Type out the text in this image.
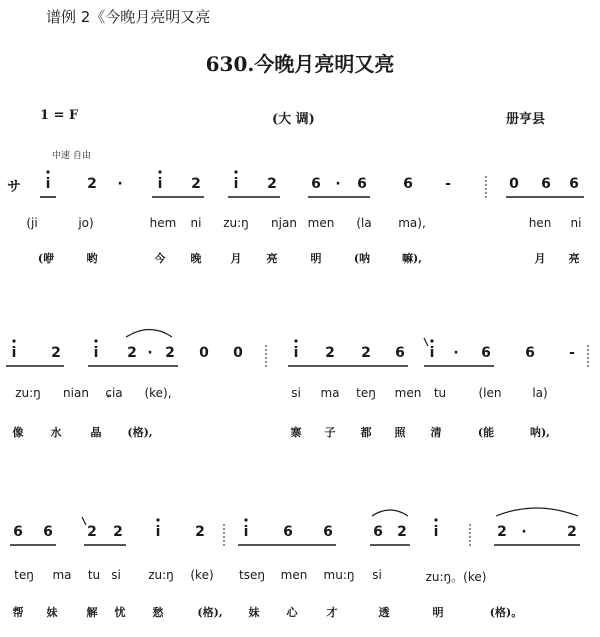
谱例 2《今晚月亮明又亮
630.今晚月亮明又亮
1 = F	(大 调)	册亨县
中速 自由
サ i	2 · i 2 i 2 6 · 6	6 -	0 6 6
(ji	jo)	hem ni zu:ŋ njan men (la ma),	hen ni
(咿	哟	今 晚	月 亮	明	(呐	嘛),	月 亮
i 2 i 2 · 2 0 0	i 2 2 6 i · 6 6 -
zu:ŋ nian ɕia (ke),	si ma teŋ men tu	(len	la)
像 水	晶 (格),	寨 子 都 照 清	(能	呐),
6 6 2 2 i 2	i 6 6	6 2 i	2 ·	2
teŋ ma tu si zu:ŋ (ke) tseŋ men mu:ŋ si	zu:ŋ。(ke)
帮 妹	解 忧 愁	(格), 妹 心	才	透	明	(格)。
